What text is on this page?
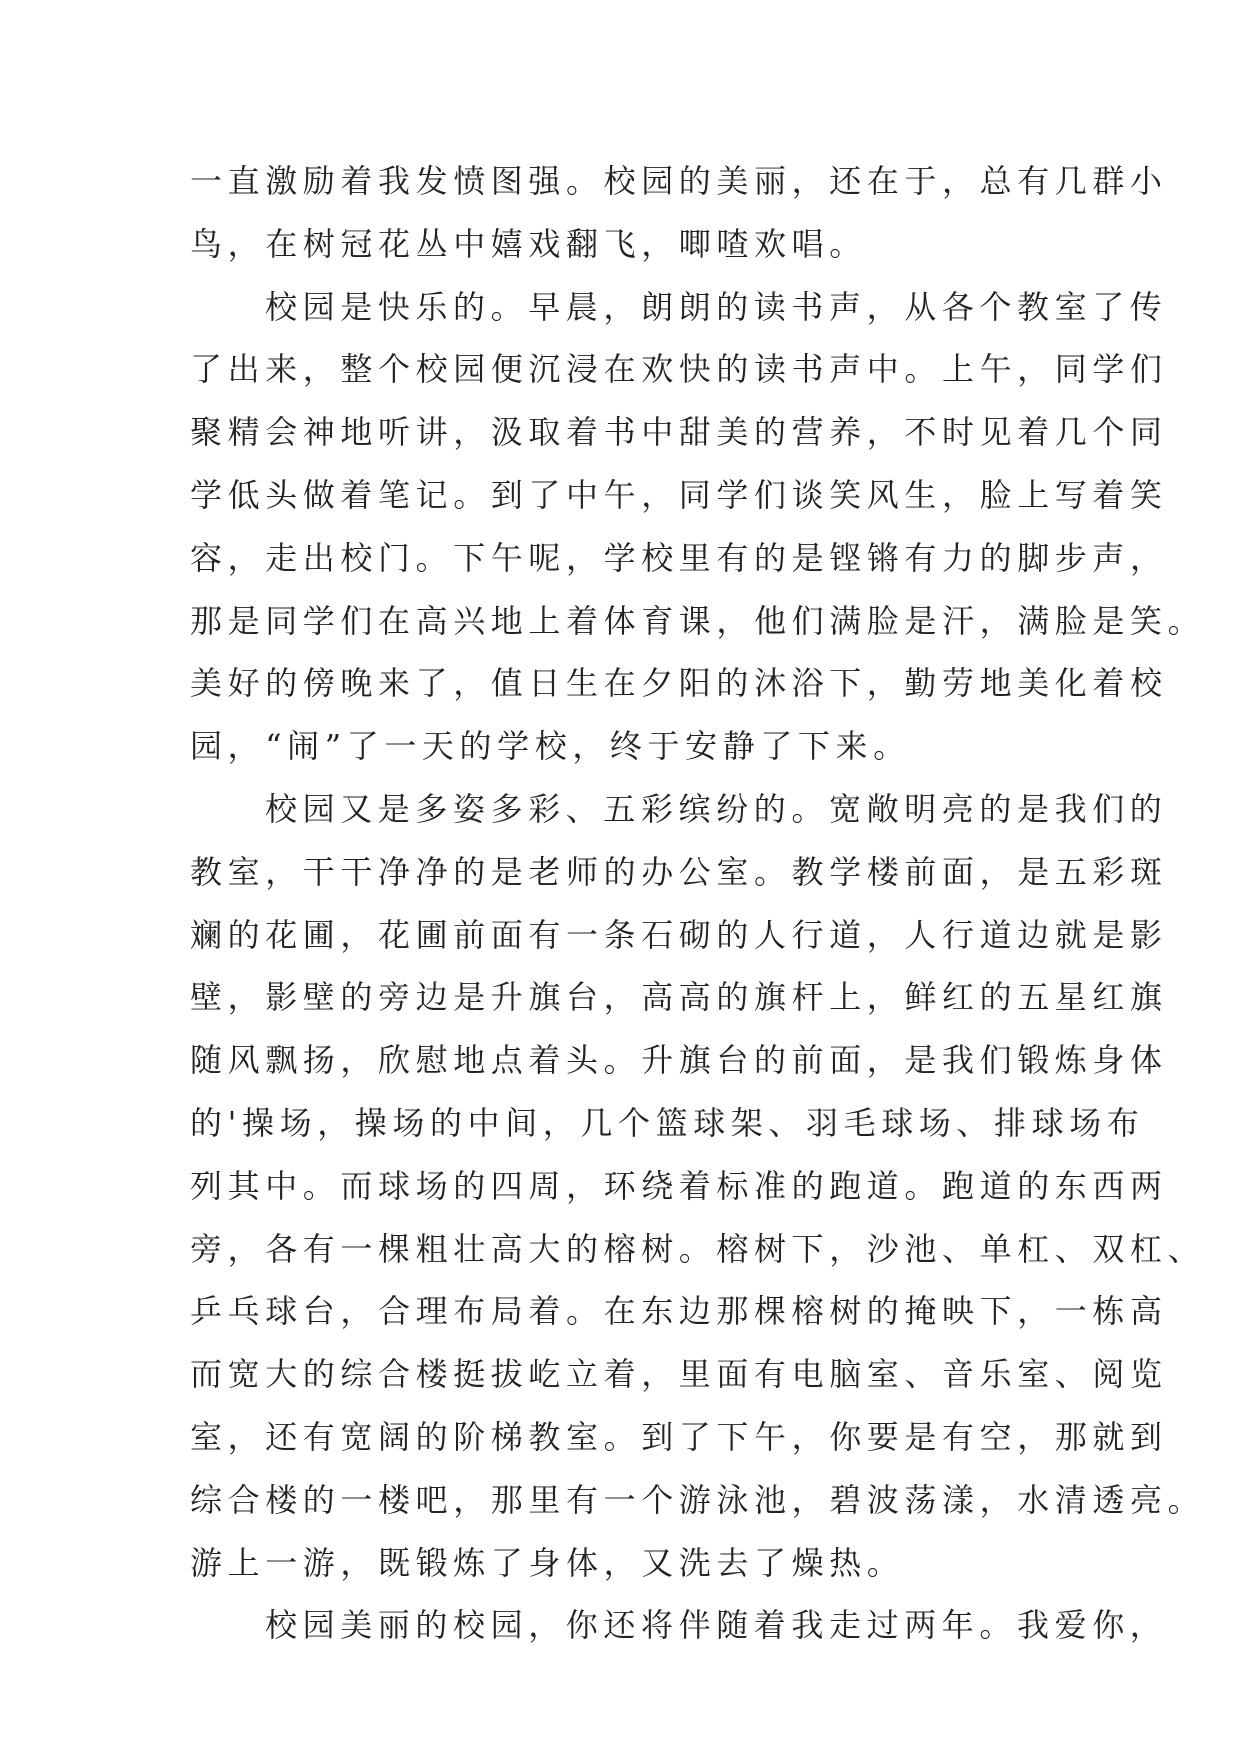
一直激励着我发愤图强。校园的美丽，还在于，总有几群小
鸟，在树冠花丛中嬉戏翻飞，唧喳欢唱。

校园是快乐的。早晨，朗朗的读书声，从各个教室了传
了出来，整个校园便沉浸在欢快的读书声中。上午，同学们
聚精会神地听讲，汲取着书中甜美的营养，不时见着几个同
学低头做着笔记。到了中午，同学们谈笑风生，脸上写着笑
容，走出校门。下午呢，学校里有的是铿锵有力的脚步声，
那是同学们在高兴地上着体育课，他们满脸是汗，满脸是笑。
美好的傍晚来了，值日生在夕阳的沐浴下，勤劳地美化着校
园，“闹”了一天的学校，终于安静了下来。

校园又是多姿多彩、五彩缤纷的。宽敞明亮的是我们的
教室，干干净净的是老师的办公室。教学楼前面，是五彩斑
斓的花圃，花圃前面有一条石砌的人行道，人行道边就是影
壁，影壁的旁边是升旗台，高高的旗杆上，鲜红的五星红旗
随风飘扬，欣慰地点着头。升旗台的前面，是我们锻炼身体
的'操场，操场的中间，几个篮球架、羽毛球场、排球场布
列其中。而球场的四周，环绕着标准的跑道。跑道的东西两
旁，各有一棵粗壮高大的榕树。榕树下，沙池、单杠、双杠、
乒乓球台，合理布局着。在东边那棵榕树的掩映下，一栋高
而宽大的综合楼挺拔屹立着，里面有电脑室、音乐室、阅览
室，还有宽阔的阶梯教室。到了下午，你要是有空，那就到
综合楼的一楼吧，那里有一个游泳池，碧波荡漾，水清透亮。
游上一游，既锻炼了身体，又洗去了燥热。

校园美丽的校园，你还将伴随着我走过两年。我爱你，
